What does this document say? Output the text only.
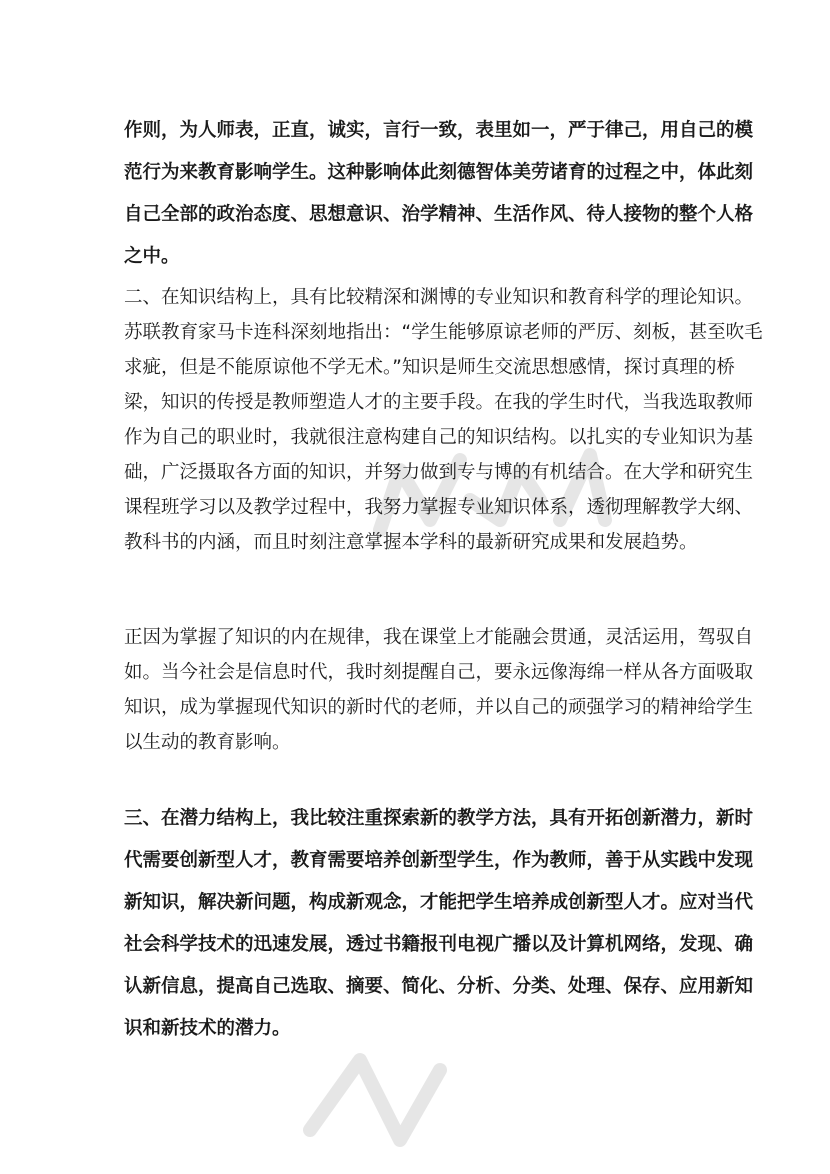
作则，为人师表，正直，诚实，言行一致，表里如一，严于律己，用自己的模
范行为来教育影响学生。这种影响体此刻德智体美劳诸育的过程之中，体此刻
自己全部的政治态度、思想意识、治学精神、生活作风、待人接物的整个人格
之中。
二、在知识结构上，具有比较精深和渊博的专业知识和教育科学的理论知识。
苏联教育家马卡连科深刻地指出：“学生能够原谅老师的严厉、刻板，甚至吹毛
求疵，但是不能原谅他不学无术。”知识是师生交流思想感情，探讨真理的桥
梁，知识的传授是教师塑造人才的主要手段。在我的学生时代，当我选取教师
作为自己的职业时，我就很注意构建自己的知识结构。以扎实的专业知识为基
础，广泛摄取各方面的知识，并努力做到专与博的有机结合。在大学和研究生
课程班学习以及教学过程中，我努力掌握专业知识体系，透彻理解教学大纲、
教科书的内涵，而且时刻注意掌握本学科的最新研究成果和发展趋势。
正因为掌握了知识的内在规律，我在课堂上才能融会贯通，灵活运用，驾驭自
如。当今社会是信息时代，我时刻提醒自己，要永远像海绵一样从各方面吸取
知识，成为掌握现代知识的新时代的老师，并以自己的顽强学习的精神给学生
以生动的教育影响。
三、在潜力结构上，我比较注重探索新的教学方法，具有开拓创新潜力，新时
代需要创新型人才，教育需要培养创新型学生，作为教师，善于从实践中发现
新知识，解决新问题，构成新观念，才能把学生培养成创新型人才。应对当代
社会科学技术的迅速发展，透过书籍报刊电视广播以及计算机网络，发现、确
认新信息，提高自己选取、摘要、简化、分析、分类、处理、保存、应用新知
识和新技术的潜力。
